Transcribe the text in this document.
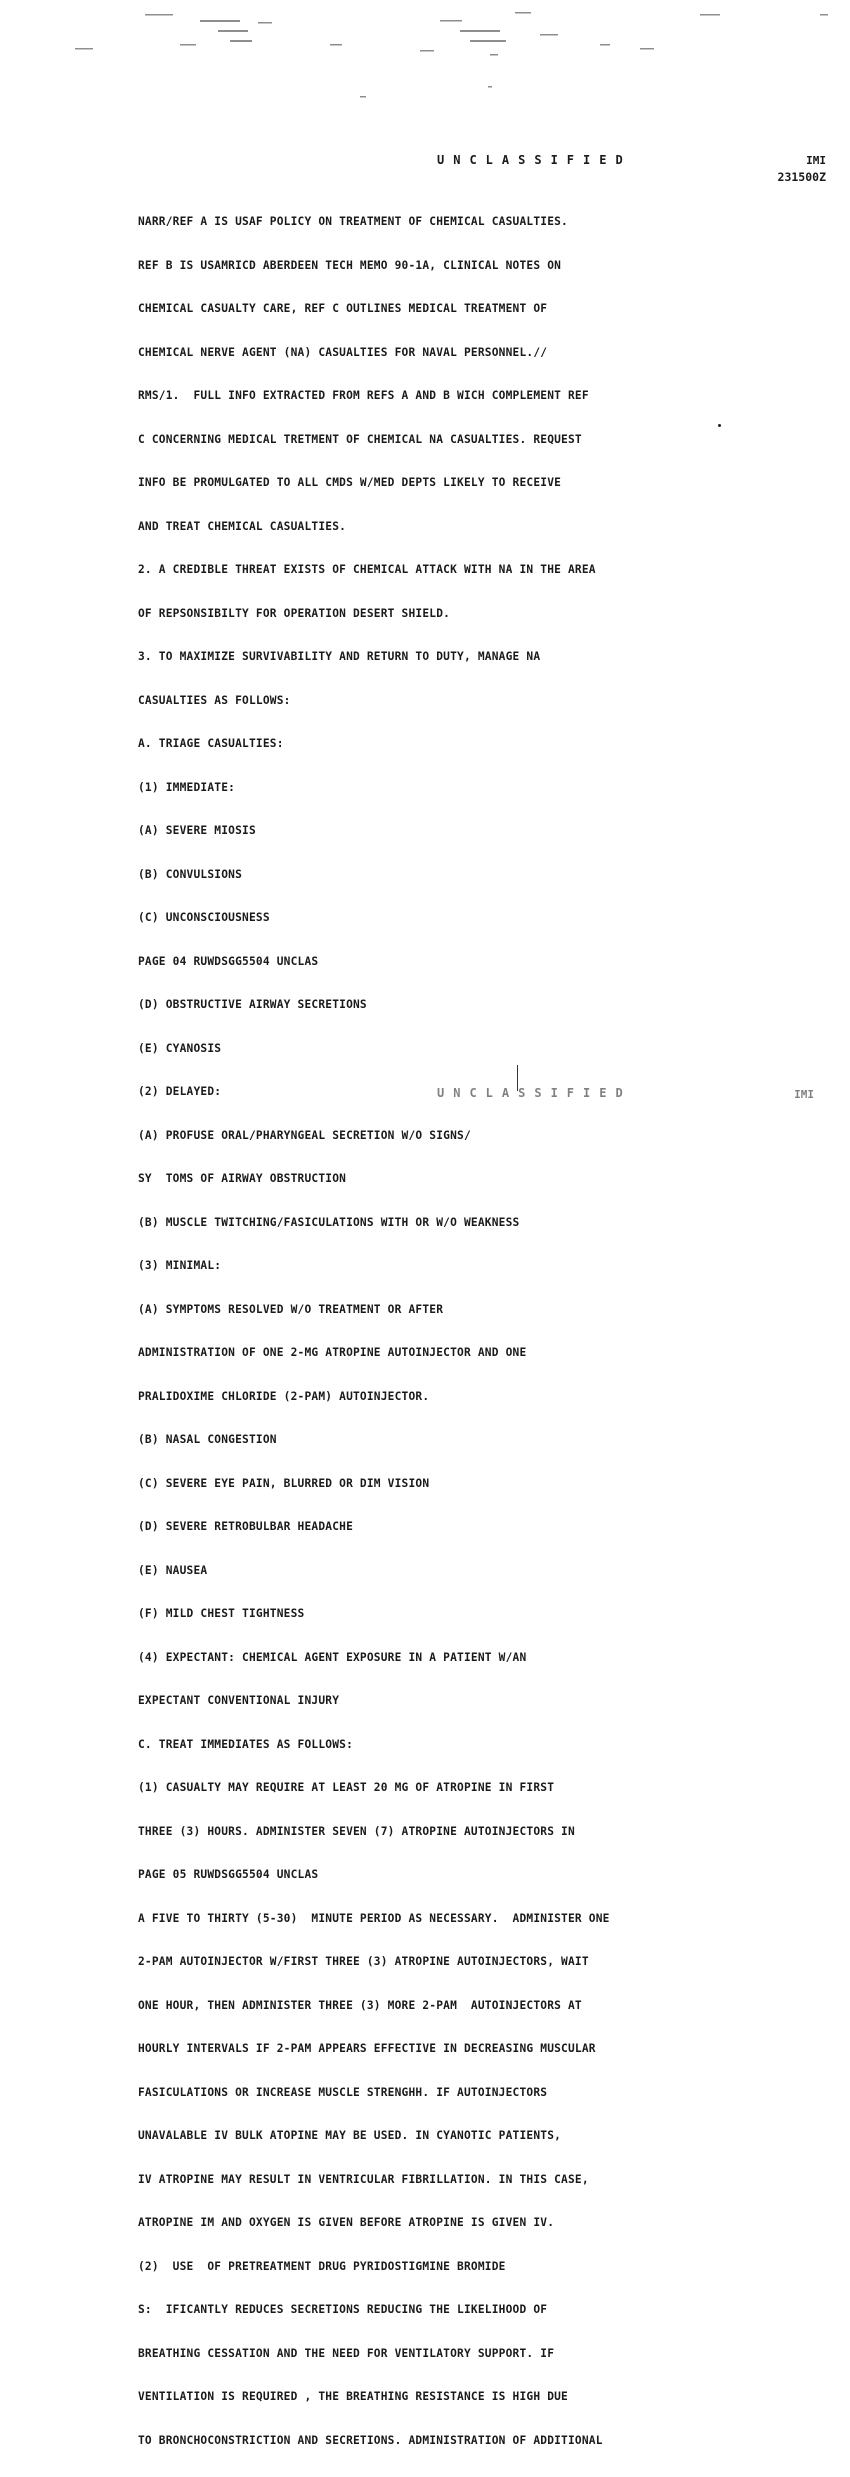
UNCLASSIFIED	IMI
231500Z

NARR/REF A IS USAF POLICY ON TREATMENT OF CHEMICAL CASUALTIES.

REF B IS USAMRICD ABERDEEN TECH MEMO 90-1A, CLINICAL NOTES ON

CHEMICAL CASUALTY CARE, REF C OUTLINES MEDICAL TREATMENT OF

CHEMICAL NERVE AGENT (NA) CASUALTIES FOR NAVAL PERSONNEL.//

RMS/1.  FULL INFO EXTRACTED FROM REFS A AND B WICH COMPLEMENT REF

C CONCERNING MEDICAL TRETMENT OF CHEMICAL NA CASUALTIES. REQUEST

INFO BE PROMULGATED TO ALL CMDS W/MED DEPTS LIKELY TO RECEIVE

AND TREAT CHEMICAL CASUALTIES.

2. A CREDIBLE THREAT EXISTS OF CHEMICAL ATTACK WITH NA IN THE AREA

OF REPSONSIBILTY FOR OPERATION DESERT SHIELD.

3. TO MAXIMIZE SURVIVABILITY AND RETURN TO DUTY, MANAGE NA

CASUALTIES AS FOLLOWS:

A. TRIAGE CASUALTIES:

(1) IMMEDIATE:

(A) SEVERE MIOSIS

(B) CONVULSIONS

(C) UNCONSCIOUSNESS

PAGE 04 RUWDSGG5504 UNCLAS

(D) OBSTRUCTIVE AIRWAY SECRETIONS

(E) CYANOSIS

(2) DELAYED:

(A) PROFUSE ORAL/PHARYNGEAL SECRETION W/O SIGNS/

SY  TOMS OF AIRWAY OBSTRUCTION

(B) MUSCLE TWITCHING/FASICULATIONS WITH OR W/O WEAKNESS

(3) MINIMAL:

(A) SYMPTOMS RESOLVED W/O TREATMENT OR AFTER

ADMINISTRATION OF ONE 2-MG ATROPINE AUTOINJECTOR AND ONE

PRALIDOXIME CHLORIDE (2-PAM) AUTOINJECTOR.

(B) NASAL CONGESTION

(C) SEVERE EYE PAIN, BLURRED OR DIM VISION

(D) SEVERE RETROBULBAR HEADACHE

(E) NAUSEA

(F) MILD CHEST TIGHTNESS

(4) EXPECTANT: CHEMICAL AGENT EXPOSURE IN A PATIENT W/AN

EXPECTANT CONVENTIONAL INJURY

C. TREAT IMMEDIATES AS FOLLOWS:

(1) CASUALTY MAY REQUIRE AT LEAST 20 MG OF ATROPINE IN FIRST

THREE (3) HOURS. ADMINISTER SEVEN (7) ATROPINE AUTOINJECTORS IN

PAGE 05 RUWDSGG5504 UNCLAS

A FIVE TO THIRTY (5-30)  MINUTE PERIOD AS NECESSARY.  ADMINISTER ONE

2-PAM AUTOINJECTOR W/FIRST THREE (3) ATROPINE AUTOINJECTORS, WAIT

ONE HOUR, THEN ADMINISTER THREE (3) MORE 2-PAM  AUTOINJECTORS AT

HOURLY INTERVALS IF 2-PAM APPEARS EFFECTIVE IN DECREASING MUSCULAR

FASICULATIONS OR INCREASE MUSCLE STRENGHH. IF AUTOINJECTORS

UNAVALABLE IV BULK ATOPINE MAY BE USED. IN CYANOTIC PATIENTS,

IV ATROPINE MAY RESULT IN VENTRICULAR FIBRILLATION. IN THIS CASE,

ATROPINE IM AND OXYGEN IS GIVEN BEFORE ATROPINE IS GIVEN IV.

(2)  USE  OF PRETREATMENT DRUG PYRIDOSTIGMINE BROMIDE

S:  IFICANTLY REDUCES SECRETIONS REDUCING THE LIKELIHOOD OF

BREATHING CESSATION AND THE NEED FOR VENTILATORY SUPPORT. IF

VENTILATION IS REQUIRED , THE BREATHING RESISTANCE IS HIGH DUE

TO BRONCHOCONSTRICTION AND SECRETIONS. ADMINISTRATION OF ADDITIONAL

UNCLASSIFIED	IMI
